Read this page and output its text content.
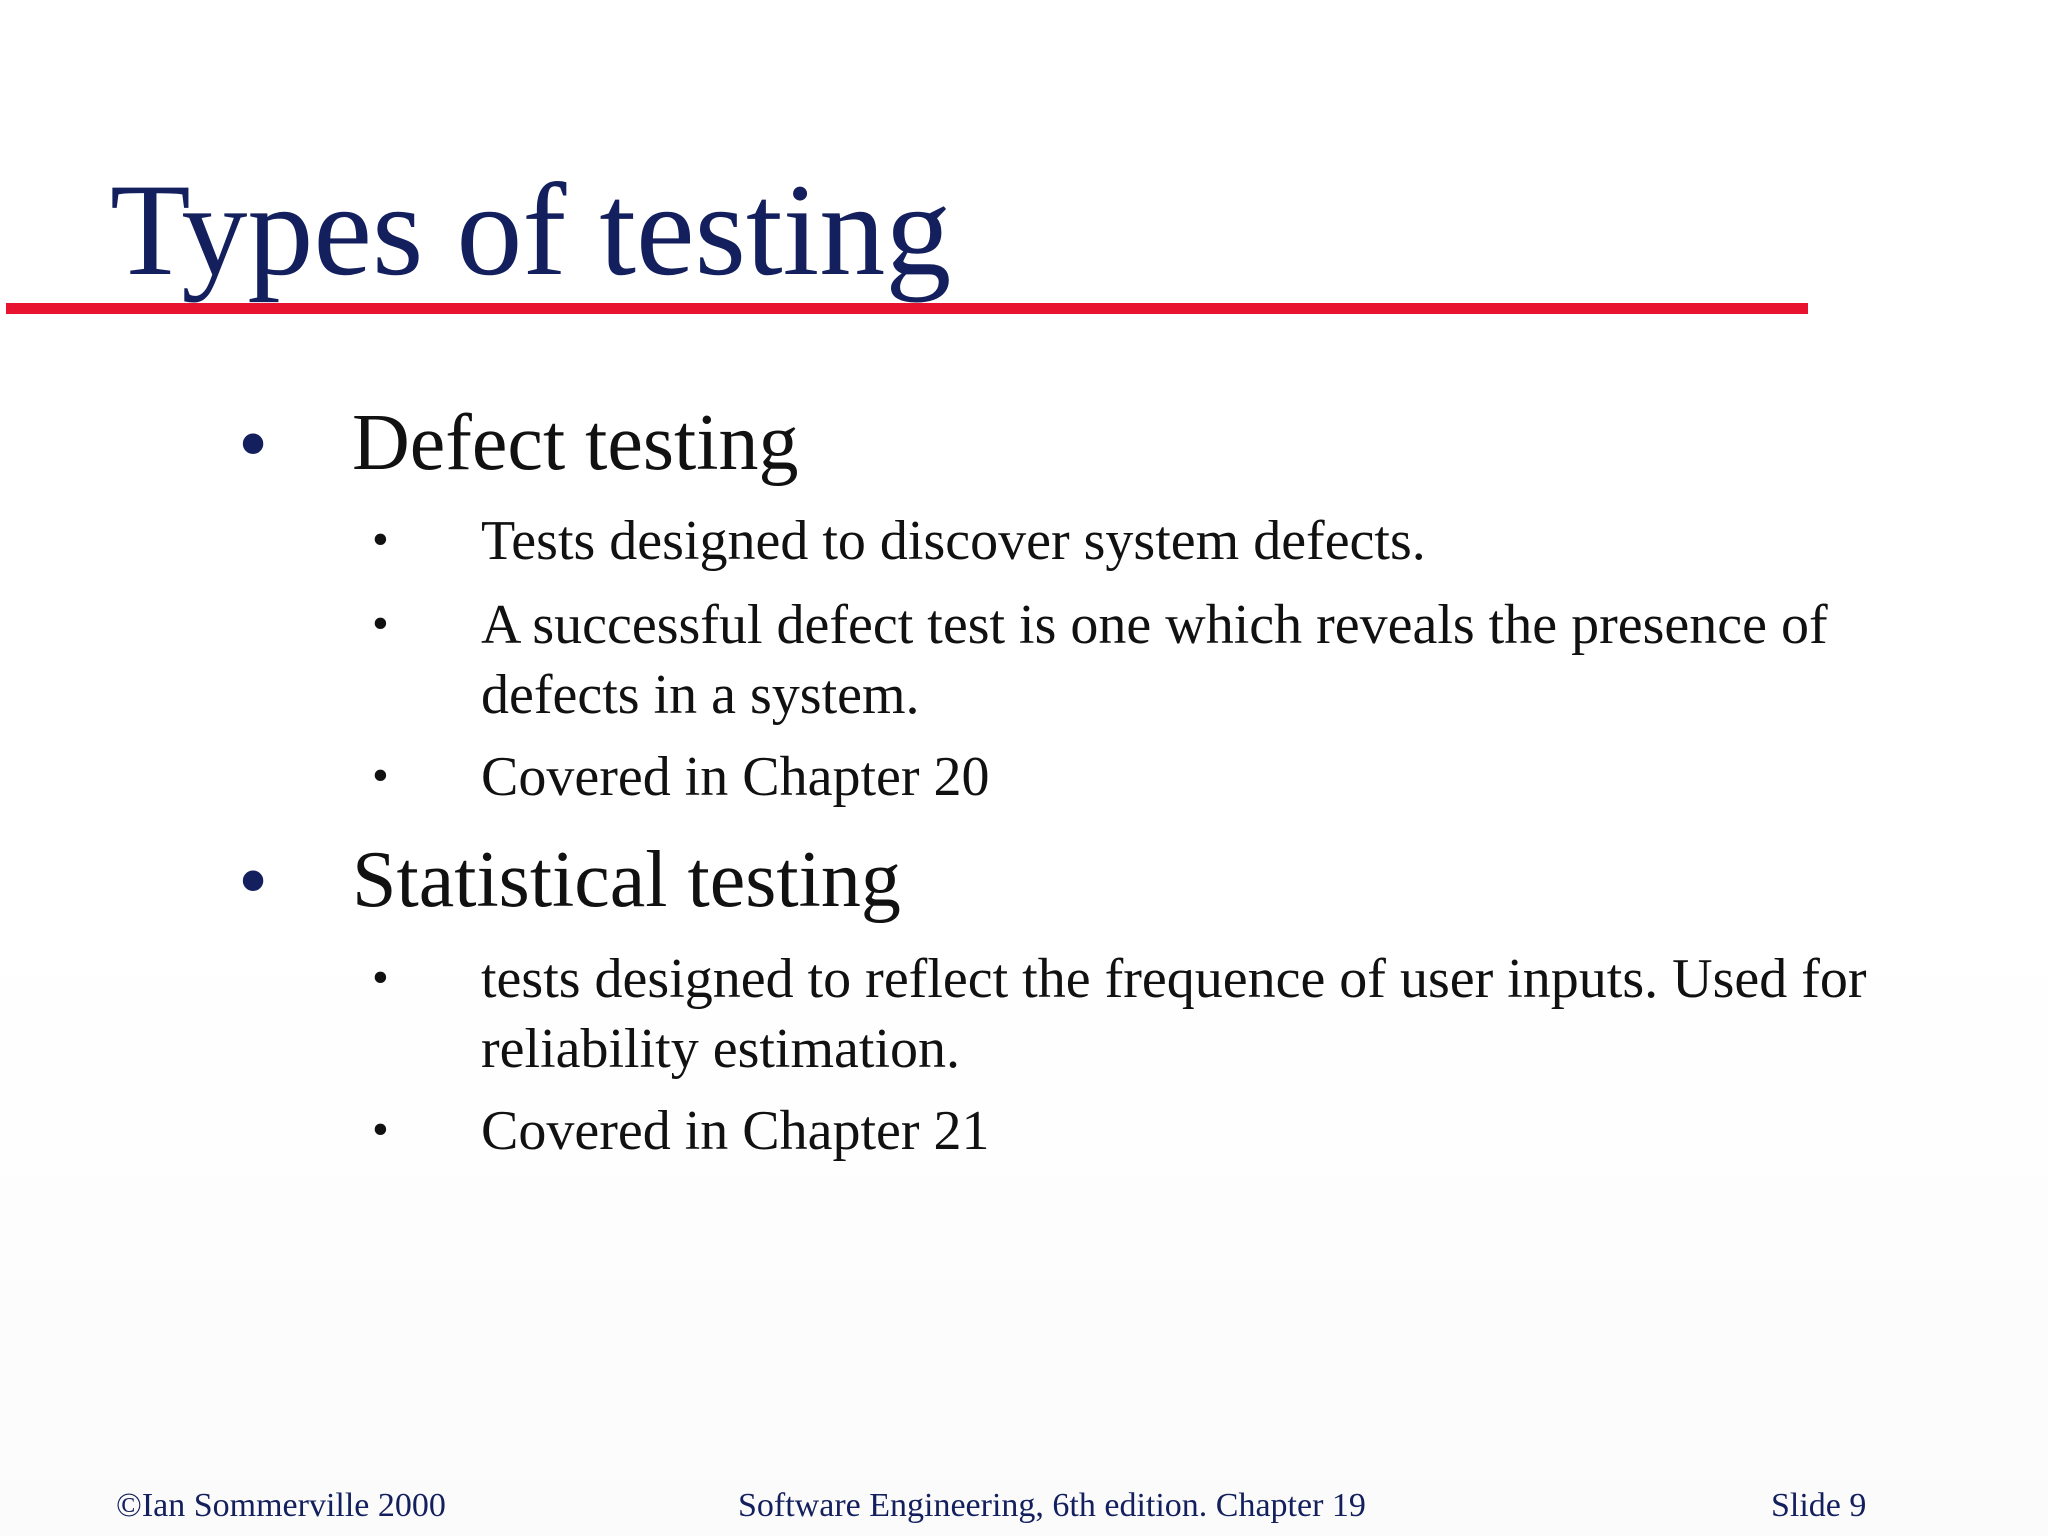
Types of testing
• Defect testing
• Tests designed to discover system defects.
• A successful defect test is one which reveals the presence of defects in a system.
• Covered in Chapter 20
• Statistical testing
• tests designed to reflect the frequence of user inputs. Used for reliability estimation.
• Covered in Chapter 21
©Ian Sommerville 2000	Software Engineering, 6th edition. Chapter 19	Slide 9
